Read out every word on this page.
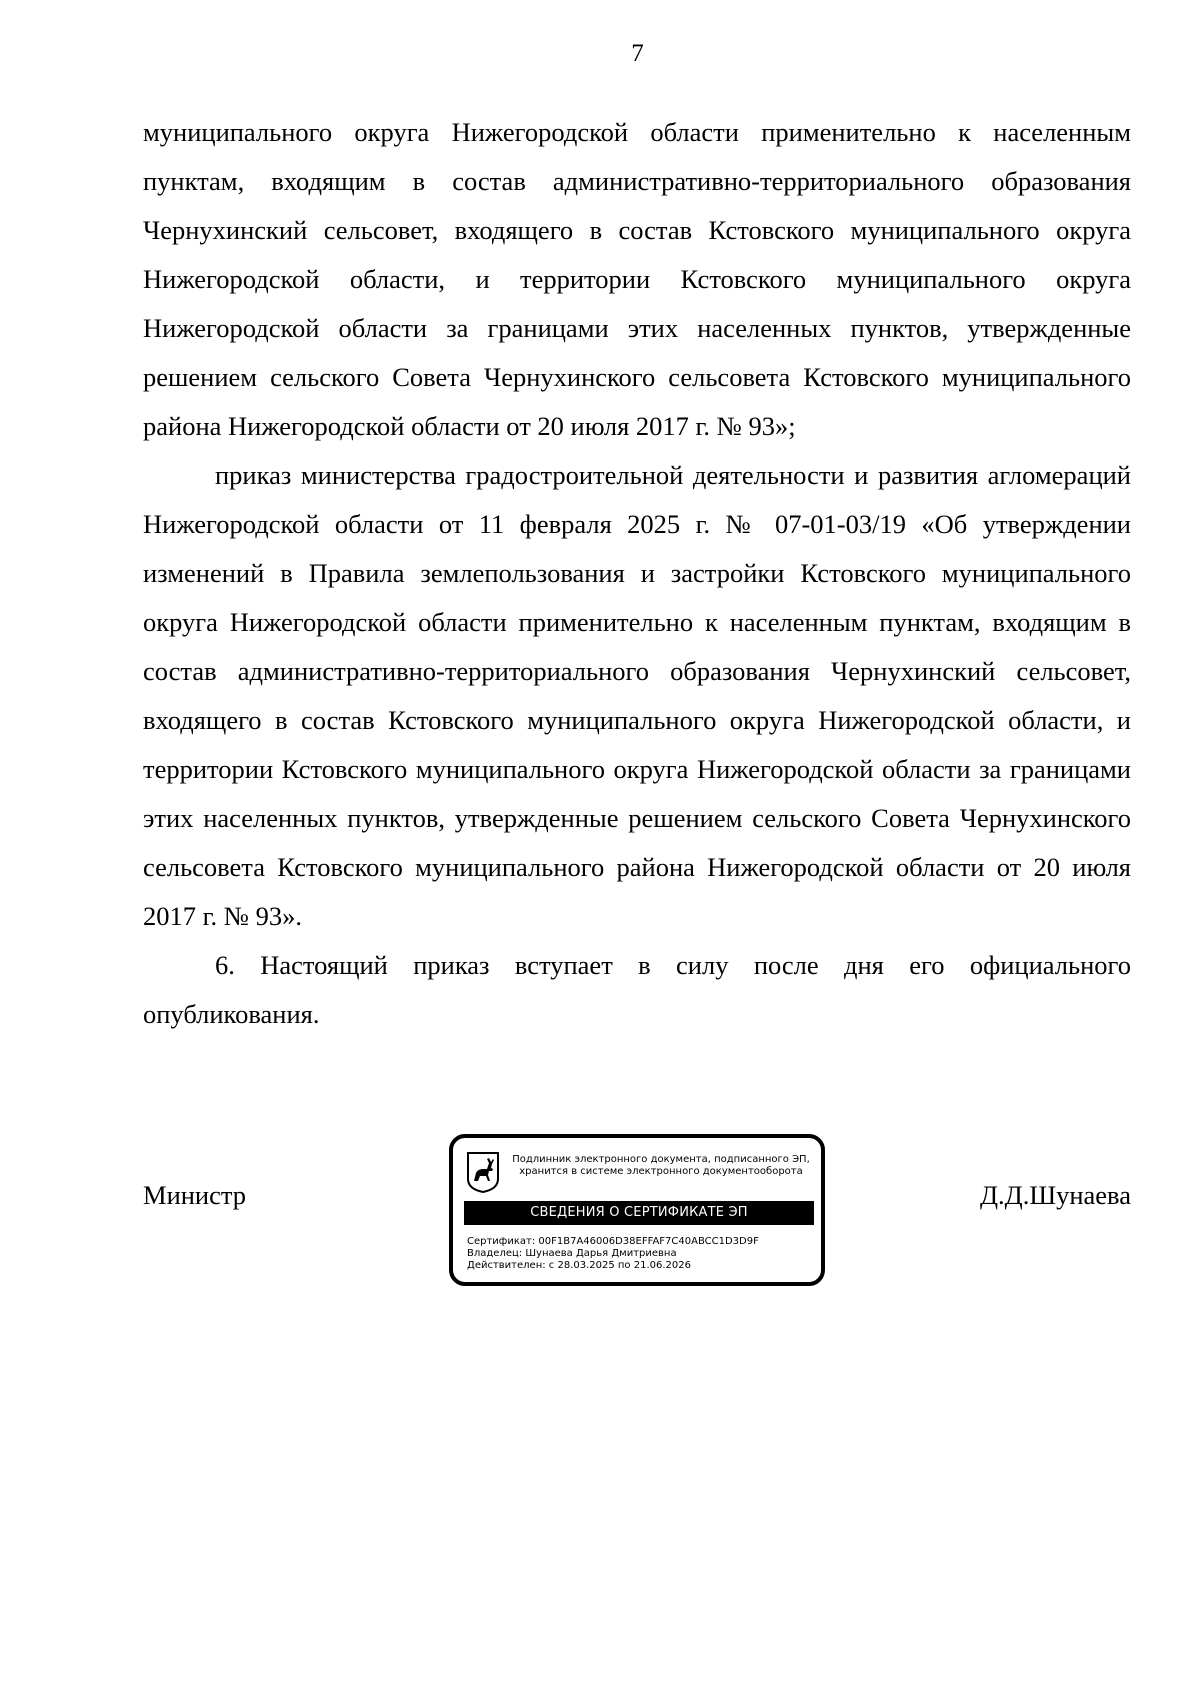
7

муниципального округа Нижегородской области применительно к населенным пунктам, входящим в состав административно-территориального образования Чернухинский сельсовет, входящего в состав Кстовского муниципального округа Нижегородской области, и территории Кстовского муниципального округа Нижегородской области за границами этих населенных пунктов, утвержденные решением сельского Совета Чернухинского сельсовета Кстовского муниципального района Нижегородской области от 20 июля 2017 г. № 93»;

приказ министерства градостроительной деятельности и развития агломераций Нижегородской области от 11 февраля 2025 г. № 07-01-03/19 «Об утверждении изменений в Правила землепользования и застройки Кстовского муниципального округа Нижегородской области применительно к населенным пунктам, входящим в состав административно-территориального образования Чернухинский сельсовет, входящего в состав Кстовского муниципального округа Нижегородской области, и территории Кстовского муниципального округа Нижегородской области за границами этих населенных пунктов, утвержденные решением сельского Совета Чернухинского сельсовета Кстовского муниципального района Нижегородской области от 20 июля 2017 г. № 93».

6. Настоящий приказ вступает в силу после дня его официального опубликования.

Министр
Подлинник электронного документа, подписанного ЭП,
хранится в системе электронного документооборота
СВЕДЕНИЯ О СЕРТИФИКАТЕ ЭП
Сертификат: 00F1B7A46006D38EFFAF7C40ABCC1D3D9F
Владелец: Шунаева Дарья Дмитриевна
Действителен: с 28.03.2025 по 21.06.2026
Д.Д.Шунаева
